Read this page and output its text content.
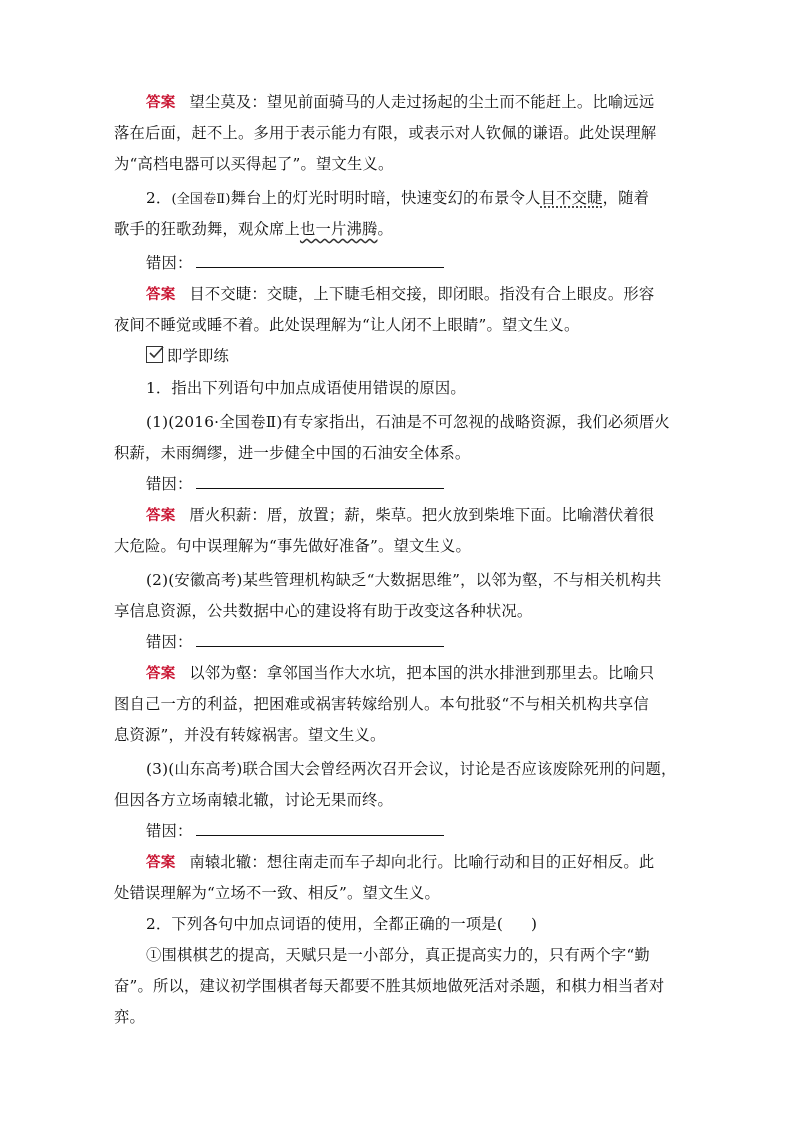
答案 望尘莫及：望见前面骑马的人走过扬起的尘土而不能赶上。比喻远远
落在后面，赶不上。多用于表示能力有限，或表示对人钦佩的谦语。此处误理解
为“高档电器可以买得起了”。望文生义。
2．(全国卷Ⅱ)舞台上的灯光时明时暗，快速变幻的布景令人目不交睫，随着
歌手的狂歌劲舞，观众席上也一片沸腾。
错因：
答案 目不交睫：交睫，上下睫毛相交接，即闭眼。指没有合上眼皮。形容
夜间不睡觉或睡不着。此处误理解为“让人闭不上眼睛”。望文生义。
即学即练
1．指出下列语句中加点成语使用错误的原因。
(1)(2016·全国卷Ⅱ)有专家指出，石油是不可忽视的战略资源，我们必须厝火
积薪，未雨绸缪，进一步健全中国的石油安全体系。
错因：
答案 厝火积薪：厝，放置；薪，柴草。把火放到柴堆下面。比喻潜伏着很
大危险。句中误理解为“事先做好准备”。望文生义。
(2)(安徽高考)某些管理机构缺乏“大数据思维”，以邻为壑，不与相关机构共
享信息资源，公共数据中心的建设将有助于改变这各种状况。
错因：
答案 以邻为壑：拿邻国当作大水坑，把本国的洪水排泄到那里去。比喻只
图自己一方的利益，把困难或祸害转嫁给别人。本句批驳“不与相关机构共享信
息资源”，并没有转嫁祸害。望文生义。
(3)(山东高考)联合国大会曾经两次召开会议，讨论是否应该废除死刑的问题，
但因各方立场南辕北辙，讨论无果而终。
错因：
答案 南辕北辙：想往南走而车子却向北行。比喻行动和目的正好相反。此
处错误理解为“立场不一致、相反”。望文生义。
2．下列各句中加点词语的使用，全都正确的一项是( )
①围棋棋艺的提高，天赋只是一小部分，真正提高实力的，只有两个字“勤
奋”。所以，建议初学围棋者每天都要不胜其烦地做死活对杀题，和棋力相当者对
弈。
